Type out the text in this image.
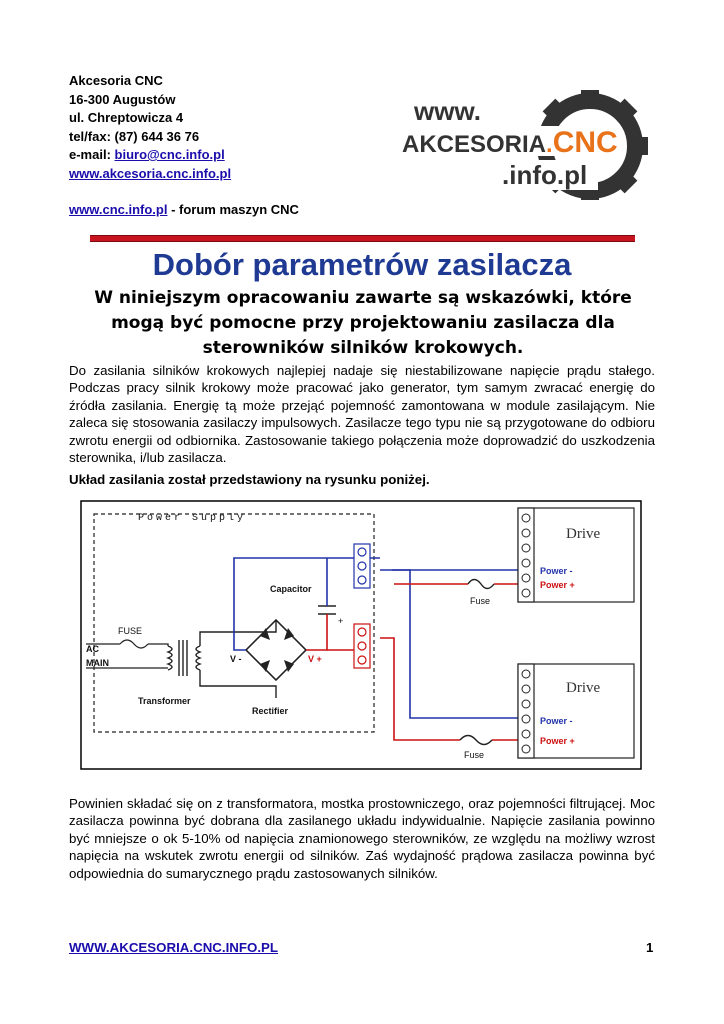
Akcesoria CNC
16-300 Augustów
ul. Chreptowicza 4
tel/fax: (87) 644 36 76
e-mail: biuro@cnc.info.pl
www.akcesoria.cnc.info.pl
www.cnc.info.pl - forum maszyn CNC
www.
AKCESORIA.CNC
.info.pl
Dobór parametrów zasilacza
W niniejszym opracowaniu zawarte są wskazówki, które mogą być pomocne przy projektowaniu zasilacza dla sterowników silników krokowych.
Do zasilania silników krokowych najlepiej nadaje się niestabilizowane napięcie prądu stałego. Podczas pracy silnik krokowy może pracować jako generator, tym samym zwracać energię do źródła zasilania. Energię tą może przejąć pojemność zamontowana w module zasilającym. Nie zaleca się stosowania zasilaczy impulsowych. Zasilacze tego typu nie są przygotowane do odbioru zwrotu energii od odbiornika. Zastosowanie takiego połączenia może doprowadzić do uszkodzenia sterownika, i/lub zasilacza.
Układ zasilania został przedstawiony na rysunku poniżej.
Power Supply
AC
MAIN
FUSE
Transformer
V -	V +
Rectifier
Capacitor
+
Fuse
Fuse
Drive
Power -
Power +
Drive
Power -
Power +
Powinien składać się on z transformatora, mostka prostowniczego, oraz pojemności filtrującej. Moc zasilacza powinna być dobrana dla zasilanego układu indywidualnie. Napięcie zasilania powinno być mniejsze o ok 5-10% od napięcia znamionowego sterowników, ze względu na możliwy wzrost napięcia na wskutek zwrotu energii od silników. Zaś wydajność prądowa zasilacza powinna być odpowiednia do sumarycznego prądu zastosowanych silników.
WWW.AKCESORIA.CNC.INFO.PL	1
